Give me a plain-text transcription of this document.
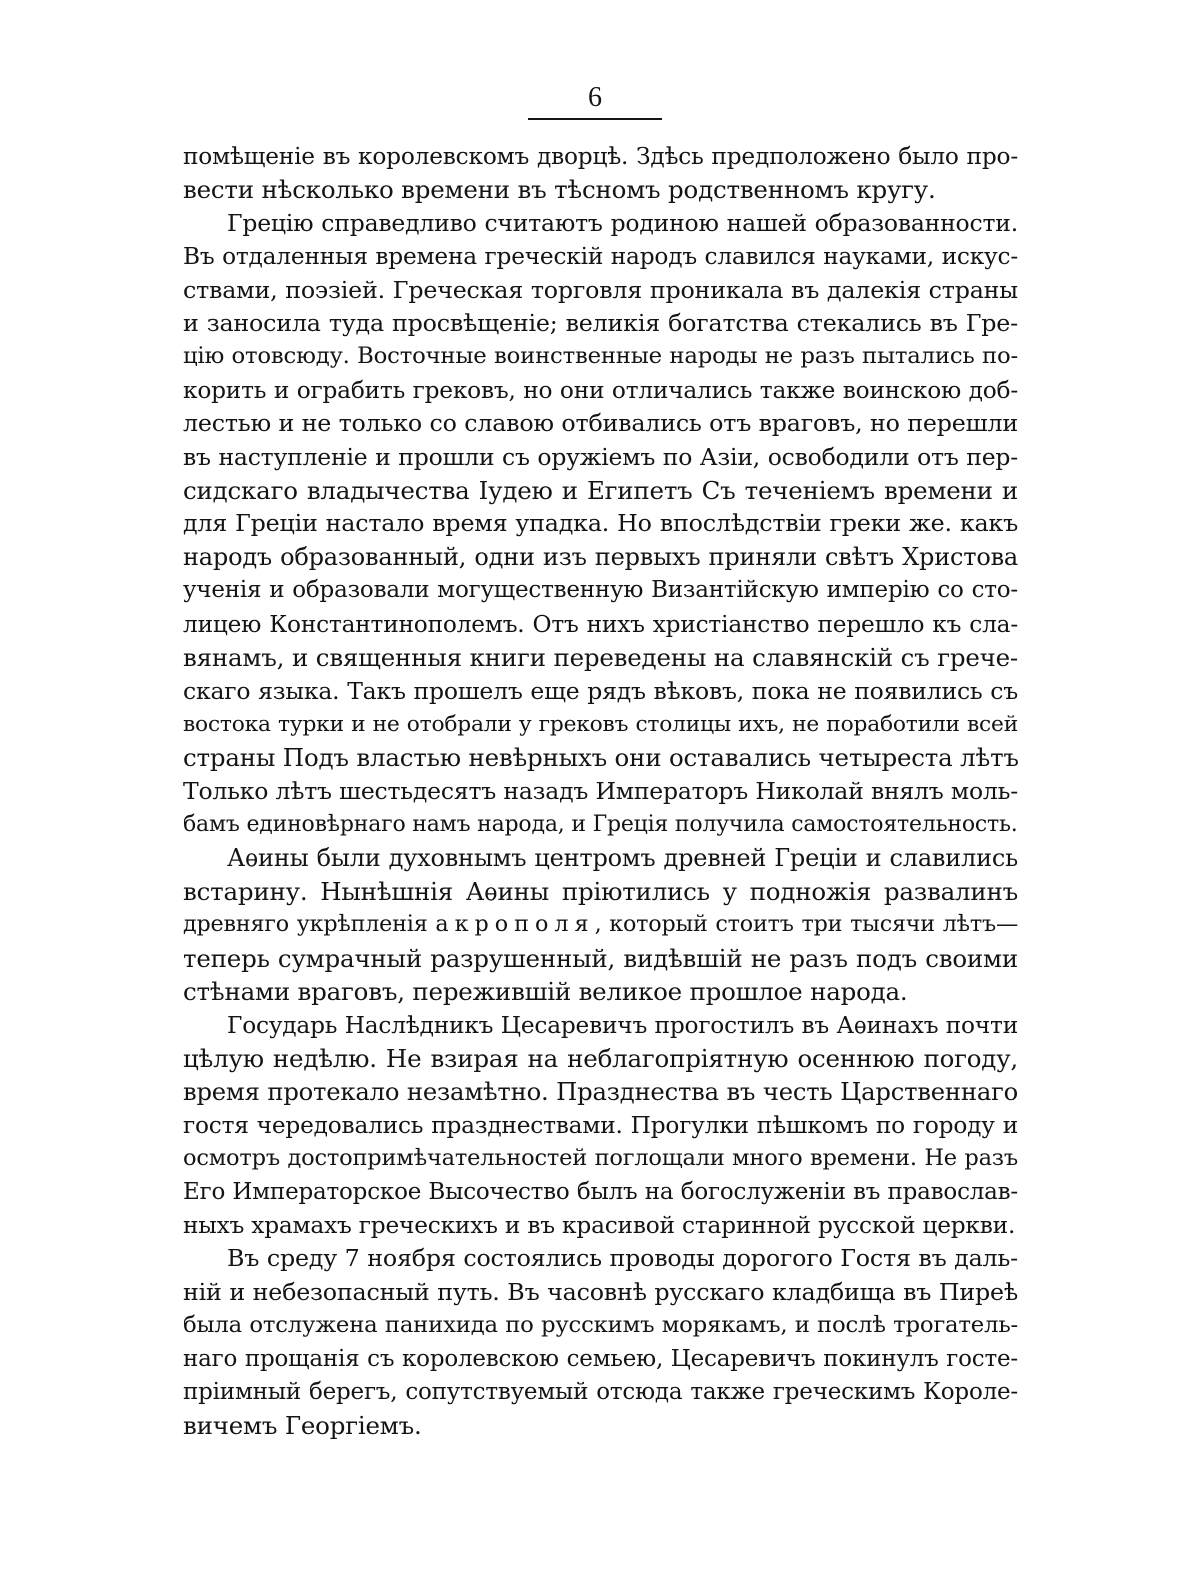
6

помѣщеніе въ королевскомъ дворцѣ. Здѣсь предположено было про-
вести нѣсколько времени въ тѣсномъ родственномъ кругу.

Грецію справедливо считаютъ родиною нашей образованности.
Въ отдаленныя времена греческій народъ славился науками, искус-
ствами, поэзіей. Греческая торговля проникала въ далекія страны
и заносила туда просвѣщеніе; великія богатства стекались въ Гре-
цію отовсюду. Восточные воинственные народы не разъ пытались по-
корить и ограбить грековъ, но они отличались также воинскою доб-
лестью и не только со славою отбивались отъ враговъ, но перешли
въ наступленіе и прошли съ оружіемъ по Азіи, освободили отъ пер-
сидскаго владычества Іудею и Египетъ Съ теченіемъ времени и
для Греціи настало время упадка. Но впослѣдствіи греки же. какъ
народъ образованный, одни изъ первыхъ приняли свѣтъ Христова
ученія и образовали могущественную Византійскую имперію со сто-
лицею Константинополемъ. Отъ нихъ христіанство перешло къ сла-
вянамъ, и священныя книги переведены на славянскій съ грече-
скаго языка. Такъ прошелъ еще рядъ вѣковъ, пока не появились съ
востока турки и не отобрали у грековъ столицы ихъ, не поработили всей
страны Подъ властью невѣрныхъ они оставались четыреста лѣтъ
Только лѣтъ шестьдесятъ назадъ Императоръ Николай внялъ моль-
бамъ единовѣрнаго намъ народа, и Греція получила самостоятельность.

Аѳины были духовнымъ центромъ древней Греціи и славились
встарину. Нынѣшнія Аѳины пріютились у подножія развалинъ
древняго укрѣпленія акрополя, который стоитъ три тысячи лѣтъ—
теперь сумрачный разрушенный, видѣвшій не разъ подъ своими
стѣнами враговъ, пережившій великое прошлое народа.

Государь Наслѣдникъ Цесаревичъ прогостилъ въ Аѳинахъ почти
цѣлую недѣлю. Не взирая на неблагопріятную осеннюю погоду,
время протекало незамѣтно. Празднества въ честь Царственнаго
гостя чередовались празднествами. Прогулки пѣшкомъ по городу и
осмотръ достопримѣчательностей поглощали много времени. Не разъ
Его Императорское Высочество былъ на богослуженіи въ православ-
ныхъ храмахъ греческихъ и въ красивой старинной русской церкви.

Въ среду 7 ноября состоялись проводы дорогого Гостя въ даль-
ній и небезопасный путь. Въ часовнѣ русскаго кладбища въ Пиреѣ
была отслужена панихида по русскимъ морякамъ, и послѣ трогатель-
наго прощанія съ королевскою семьею, Цесаревичъ покинулъ госте-
пріимный берегъ, сопутствуемый отсюда также греческимъ Короле-
вичемъ Георгіемъ.
